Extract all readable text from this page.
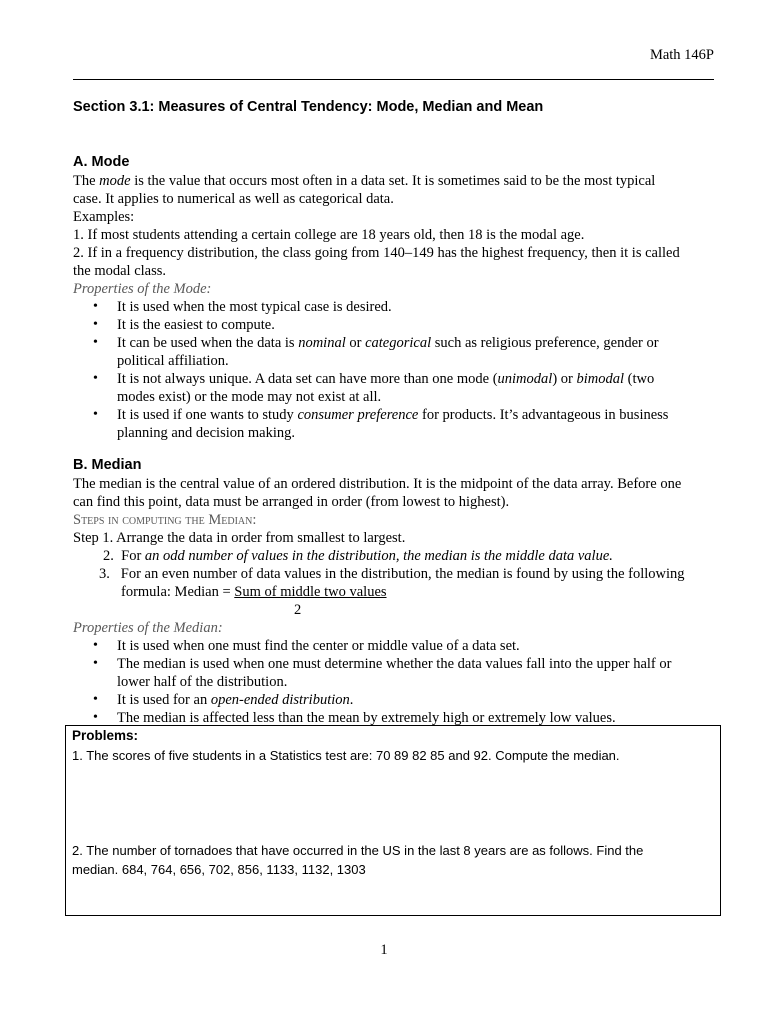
Math 146P
Section 3.1: Measures of Central Tendency: Mode, Median and Mean
A. Mode
The mode is the value that occurs most often in a data set. It is sometimes said to be the most typical
case. It applies to numerical as well as categorical data.
Examples:
1. If most students attending a certain college are 18 years old, then 18 is the modal age.
2. If in a frequency distribution, the class going from 140–149 has the highest frequency, then it is called
the modal class.
Properties of the Mode:
• It is used when the most typical case is desired.
• It is the easiest to compute.
• It can be used when the data is nominal or categorical such as religious preference, gender or
political affiliation.
• It is not always unique. A data set can have more than one mode (unimodal) or bimodal (two
modes exist) or the mode may not exist at all.
• It is used if one wants to study consumer preference for products. It’s advantageous in business
planning and decision making.
B. Median
The median is the central value of an ordered distribution. It is the midpoint of the data array. Before one
can find this point, data must be arranged in order (from lowest to highest).
Steps in computing the Median:
Step 1. Arrange the data in order from smallest to largest.
2. For an odd number of values in the distribution, the median is the middle data value.
3. For an even number of data values in the distribution, the median is found by using the following
formula: Median = Sum of middle two values
2
Properties of the Median:
• It is used when one must find the center or middle value of a data set.
• The median is used when one must determine whether the data values fall into the upper half or
lower half of the distribution.
• It is used for an open-ended distribution.
• The median is affected less than the mean by extremely high or extremely low values.
Problems:
1. The scores of five students in a Statistics test are: 70 89 82 85 and 92. Compute the median.
2. The number of tornadoes that have occurred in the US in the last 8 years are as follows. Find the
median. 684, 764, 656, 702, 856, 1133, 1132, 1303
1
